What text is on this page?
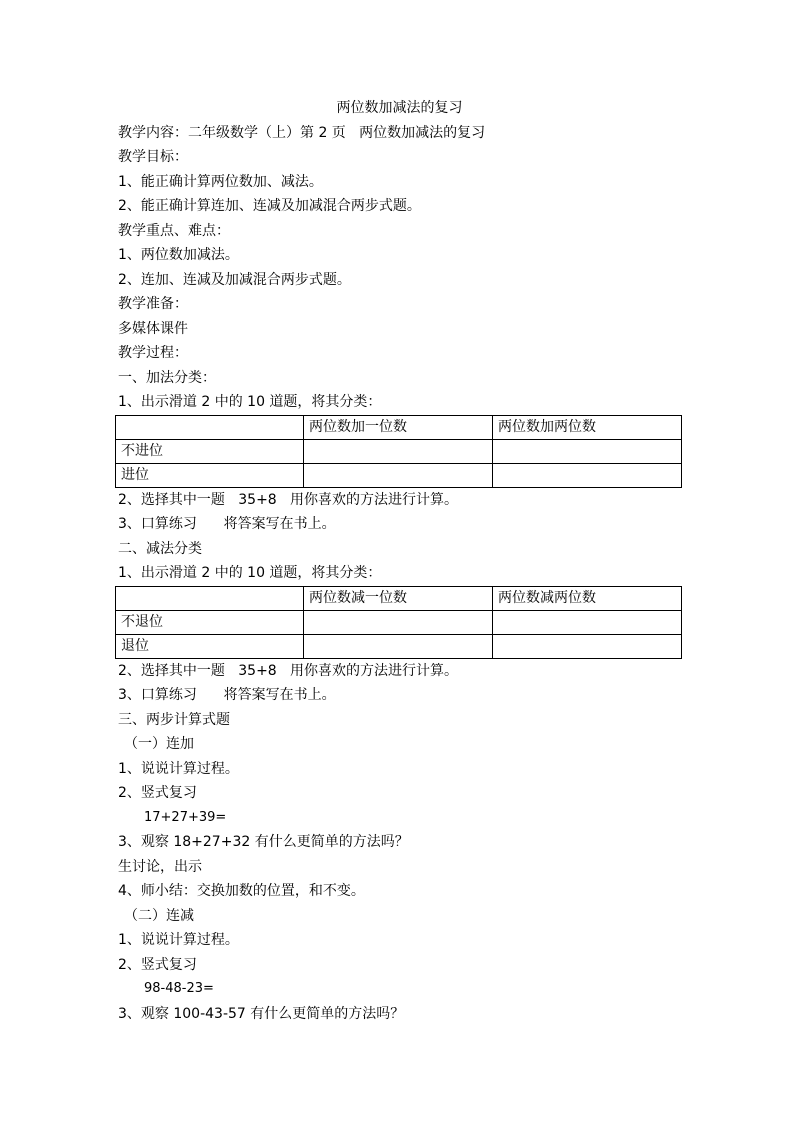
两位数加减法的复习
教学内容：二年级数学（上）第 2 页   两位数加减法的复习
教学目标：
1、能正确计算两位数加、减法。
2、能正确计算连加、连减及加减混合两步式题。
教学重点、难点：
1、两位数加减法。
2、连加、连减及加减混合两步式题。
教学准备：
多媒体课件
教学过程：
一、加法分类：
1、出示滑道 2 中的 10 道题，将其分类：
	两位数加一位数	两位数加两位数
不进位		
进位		
2、选择其中一题   35+8   用你喜欢的方法进行计算。
3、口算练习      将答案写在书上。
二、减法分类
1、出示滑道 2 中的 10 道题，将其分类：
	两位数减一位数	两位数减两位数
不退位		
退位		
2、选择其中一题   35+8   用你喜欢的方法进行计算。
3、口算练习      将答案写在书上。
三、两步计算式题
（一）连加
1、说说计算过程。
2、竖式复习
17+27+39=
3、观察 18+27+32 有什么更简单的方法吗？
生讨论，出示
4、师小结：交换加数的位置，和不变。
（二）连减
1、说说计算过程。
2、竖式复习
98-48-23=
3、观察 100-43-57 有什么更简单的方法吗？
